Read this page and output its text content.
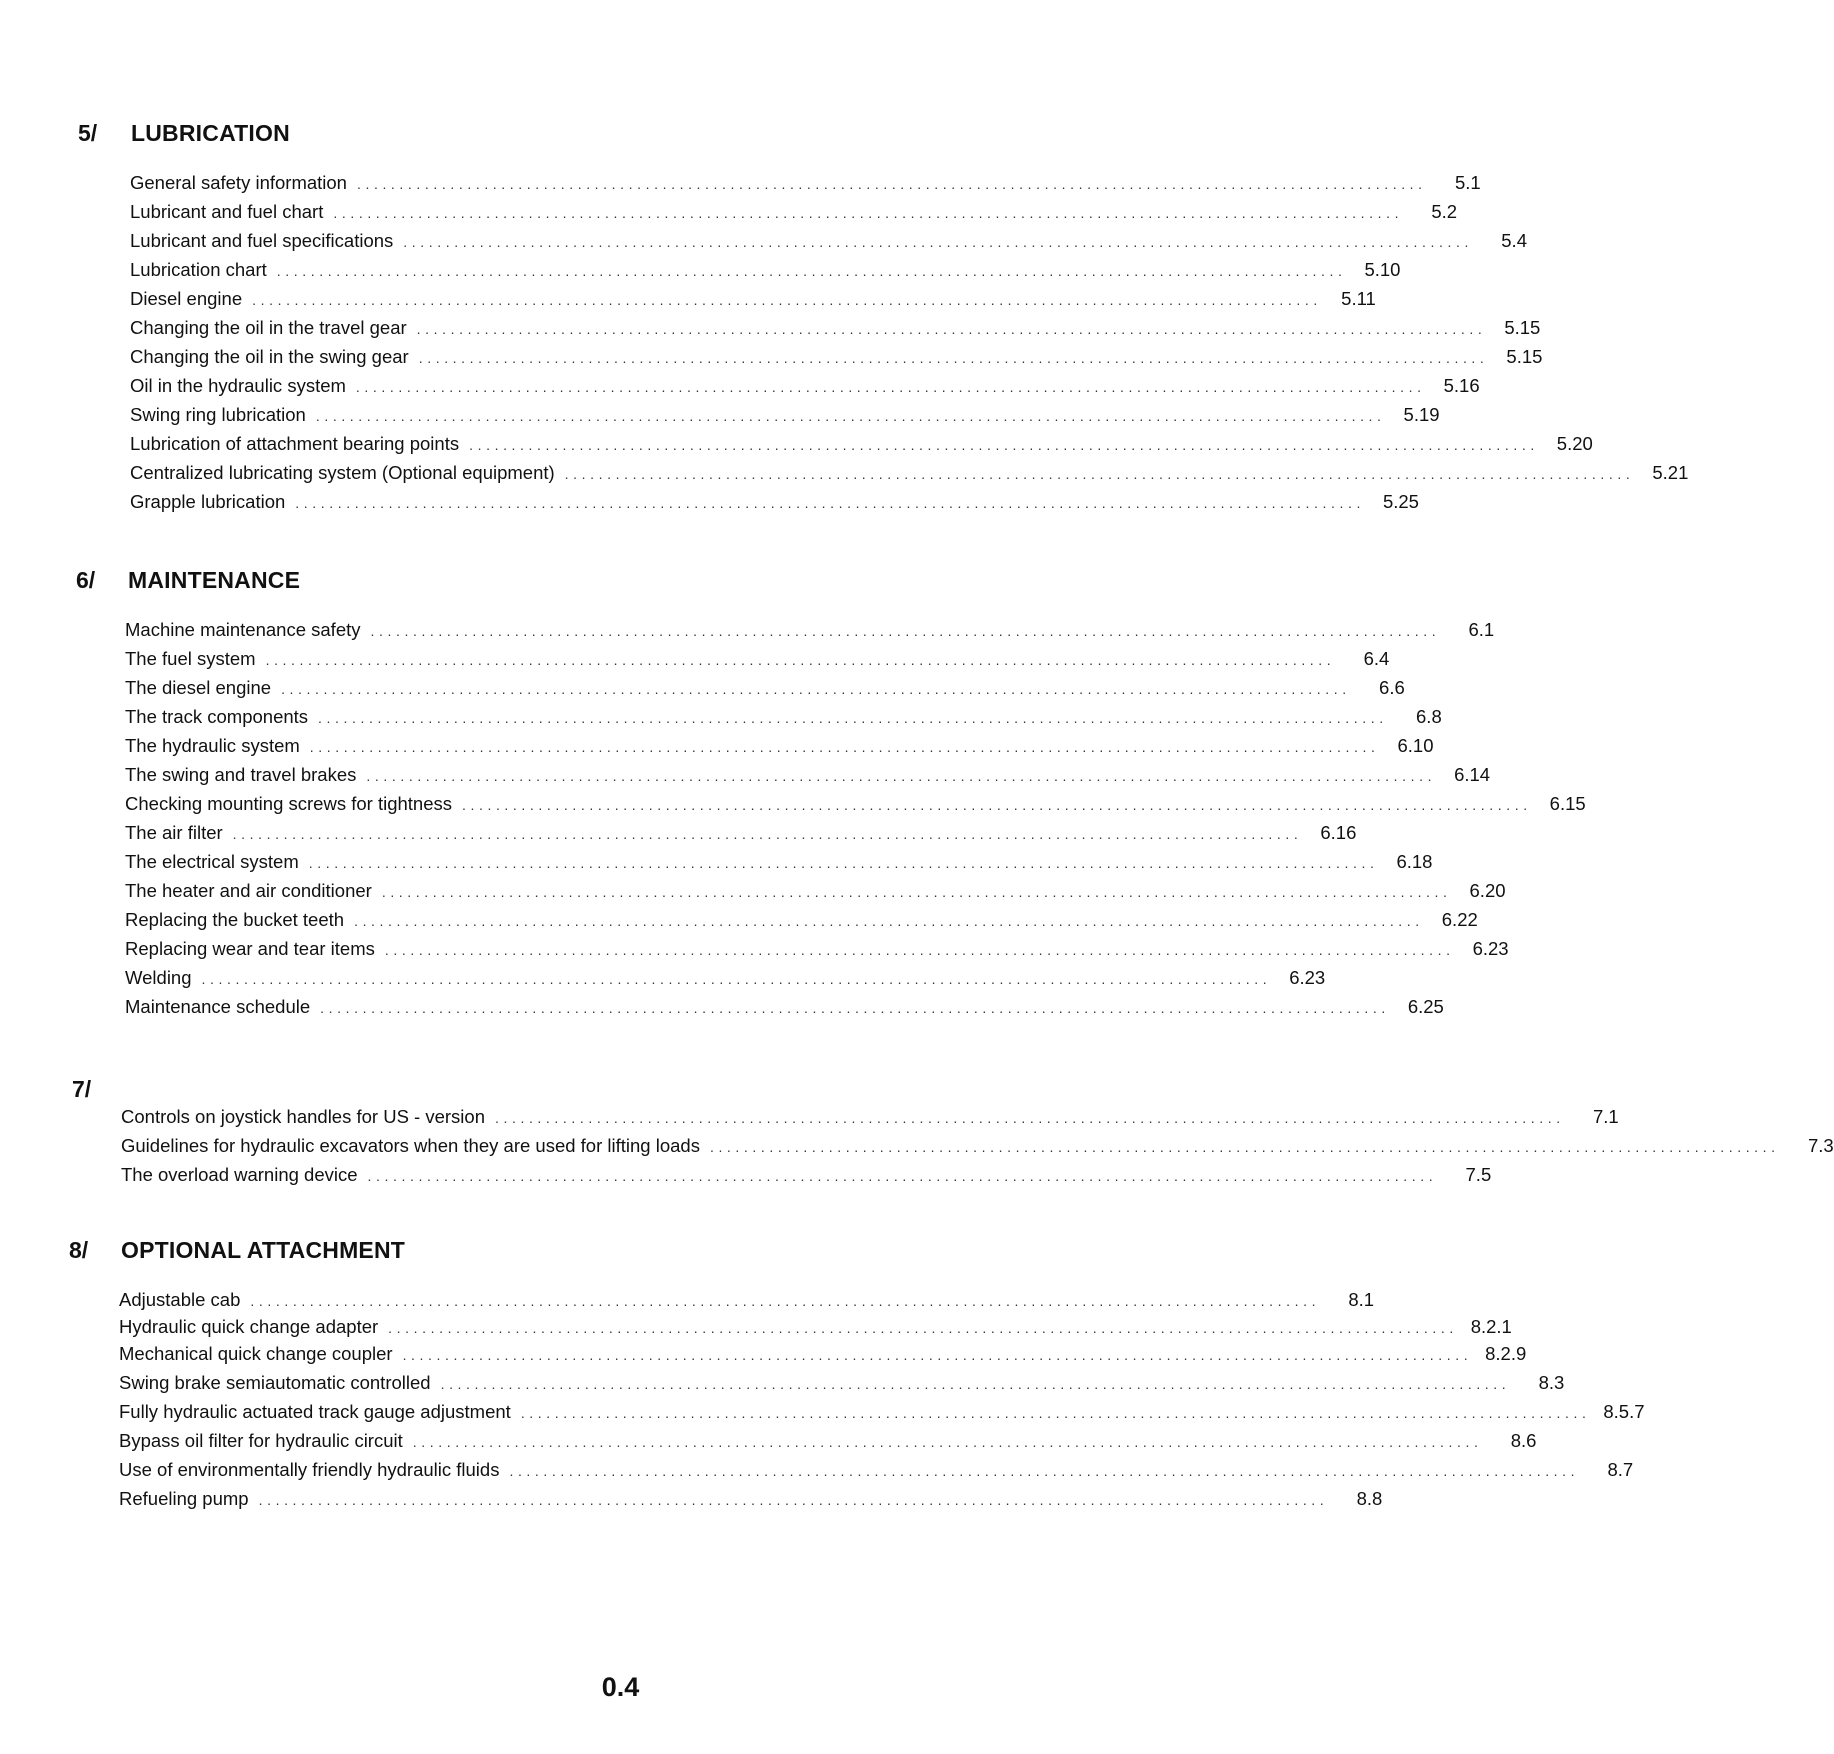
5/ LUBRICATION
General safety information ..............................................................................................................................	5.1
Lubricant and fuel chart ..............................................................................................................................	5.2
Lubricant and fuel specifications ..............................................................................................................................	5.4
Lubrication chart .............................................................................................................................. 5.10
Diesel engine ..............................................................................................................................	5.11
Changing the oil in the travel gear .............................................................................................................................. 5.15
Changing the oil in the swing gear .............................................................................................................................. 5.15
Oil in the hydraulic system .............................................................................................................................. 5.16
Swing ring lubrication .............................................................................................................................. 5.19
Lubrication of attachment bearing points .............................................................................................................................. 5.20
Centralized lubricating system (Optional equipment) .............................................................................................................................. 5.21
Grapple lubrication .............................................................................................................................. 5.25
6/ MAINTENANCE
Machine maintenance safety ..............................................................................................................................	6.1
The fuel system ..............................................................................................................................	6.4
The diesel engine ..............................................................................................................................	6.6
The track components ..............................................................................................................................	6.8
The hydraulic system .............................................................................................................................. 6.10
The swing and travel brakes .............................................................................................................................. 6.14
Checking mounting screws for tightness .............................................................................................................................. 6.15
The air filter .............................................................................................................................. 6.16
The electrical system .............................................................................................................................. 6.18
The heater and air conditioner .............................................................................................................................. 6.20
Replacing the bucket teeth .............................................................................................................................. 6.22
Replacing wear and tear items .............................................................................................................................. 6.23
Welding .............................................................................................................................. 6.23
Maintenance schedule .............................................................................................................................. 6.25
7/
Controls on joystick handles for US - version ..............................................................................................................................	7.1
Guidelines for hydraulic excavators when they are used for lifting loads ..............................................................................................................................	7.3
The overload warning device ..............................................................................................................................	7.5
8/ OPTIONAL ATTACHMENT
Adjustable cab ..............................................................................................................................	8.1
Hydraulic quick change adapter .............................................................................................................................. 8.2.1
Mechanical quick change coupler .............................................................................................................................. 8.2.9
Swing brake semiautomatic controlled ..............................................................................................................................	8.3
Fully hydraulic actuated track gauge adjustment .............................................................................................................................. 8.5.7
Bypass oil filter for hydraulic circuit ..............................................................................................................................	8.6
Use of environmentally friendly hydraulic fluids ..............................................................................................................................	8.7
Refueling pump ..............................................................................................................................	8.8
0.4
